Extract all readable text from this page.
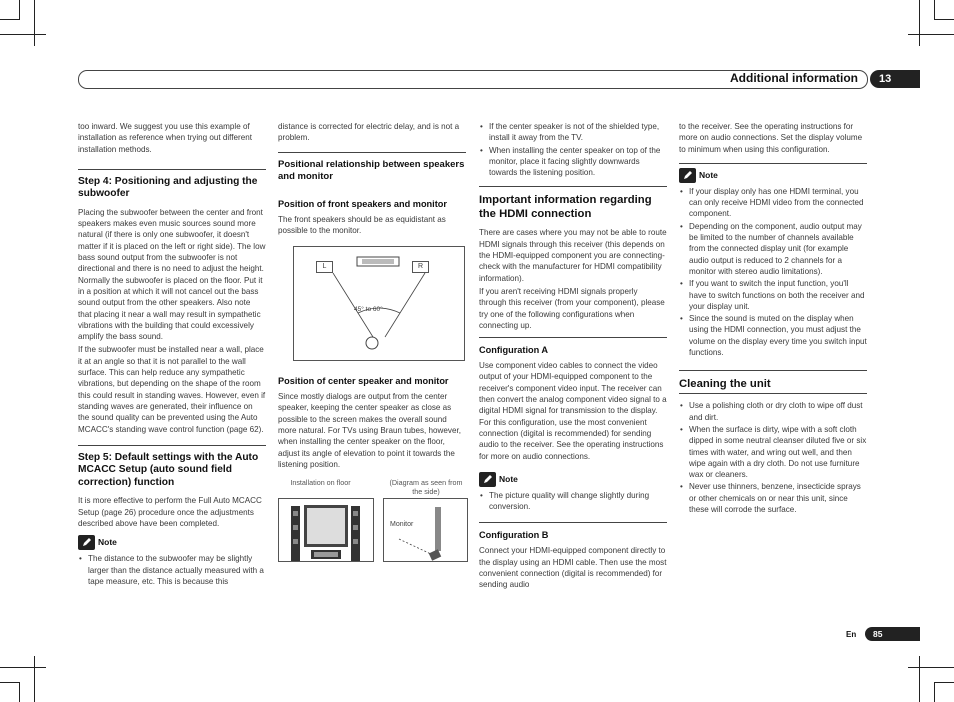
Additional information	13

too inward. We suggest you use this example of installation as reference when trying out different installation methods.

Step 4: Positioning and adjusting the subwoofer

Placing the subwoofer between the center and front speakers makes even music sources sound more natural (if there is only one subwoofer, it doesn't matter if it is placed on the left or right side). The low bass sound output from the subwoofer is not directional and there is no need to adjust the height. Normally the subwoofer is placed on the floor. Put it in a position at which it will not cancel out the bass sound output from the other speakers. Also note that placing it near a wall may result in sympathetic vibrations with the building that could excessively amplify the bass sound.

If the subwoofer must be installed near a wall, place it at an angle so that it is not parallel to the wall surface. This can help reduce any sympathetic vibrations, but depending on the shape of the room this could result in standing waves. However, even if standing waves are generated, their influence on the sound quality can be prevented using the Auto MCACC's standing wave control function (page 62).

Step 5: Default settings with the Auto MCACC Setup (auto sound field correction) function

It is more effective to perform the Full Auto MCACC Setup (page 26) procedure once the adjustments described above have been completed.

Note
• The distance to the subwoofer may be slightly larger than the distance actually measured with a tape measure, etc. This is because this

distance is corrected for electric delay, and is not a problem.

Positional relationship between speakers and monitor
Position of front speakers and monitor

The front speakers should be as equidistant as possible to the monitor.

L	R
45° to 60°
Position of center speaker and monitor

Since mostly dialogs are output from the center speaker, keeping the center speaker as close as possible to the screen makes the overall sound more natural. For TVs using Braun tubes, however, when installing the center speaker on the floor, adjust its angle of elevation to point it towards the listening position.

Installation on floor	(Diagram as seen from the side)
Monitor
• If the center speaker is not of the shielded type, install it away from the TV.
• When installing the center speaker on top of the monitor, place it facing slightly downwards towards the listening position.
Important information regarding the HDMI connection

There are cases where you may not be able to route HDMI signals through this receiver (this depends on the HDMI-equipped component you are connecting-check with the manufacturer for HDMI compatibility information).

If you aren't receiving HDMI signals properly through this receiver (from your component), please try one of the following configurations when connecting up.

Configuration A

Use component video cables to connect the video output of your HDMI-equipped component to the receiver's component video input. The receiver can then convert the analog component video signal to a digital HDMI signal for transmission to the display. For this configuration, use the most convenient connection (digital is recommended) for sending audio to the receiver. See the operating instructions for more on audio connections.

Note
• The picture quality will change slightly during conversion.
Configuration B

Connect your HDMI-equipped component directly to the display using an HDMI cable. Then use the most convenient connection (digital is recommended) for sending audio

to the receiver. See the operating instructions for more on audio connections. Set the display volume to minimum when using this configuration.

Note
• If your display only has one HDMI terminal, you can only receive HDMI video from the connected component.
• Depending on the component, audio output may be limited to the number of channels available from the connected display unit (for example audio output is reduced to 2 channels for a monitor with stereo audio limitations).
• If you want to switch the input function, you'll have to switch functions on both the receiver and your display unit.
• Since the sound is muted on the display when using the HDMI connection, you must adjust the volume on the display every time you switch input functions.
Cleaning the unit
• Use a polishing cloth or dry cloth to wipe off dust and dirt.
• When the surface is dirty, wipe with a soft cloth dipped in some neutral cleanser diluted five or six times with water, and wring out well, and then wipe again with a dry cloth. Do not use furniture wax or cleaners.
• Never use thinners, benzene, insecticide sprays or other chemicals on or near this unit, since these will corrode the surface.
En	85
